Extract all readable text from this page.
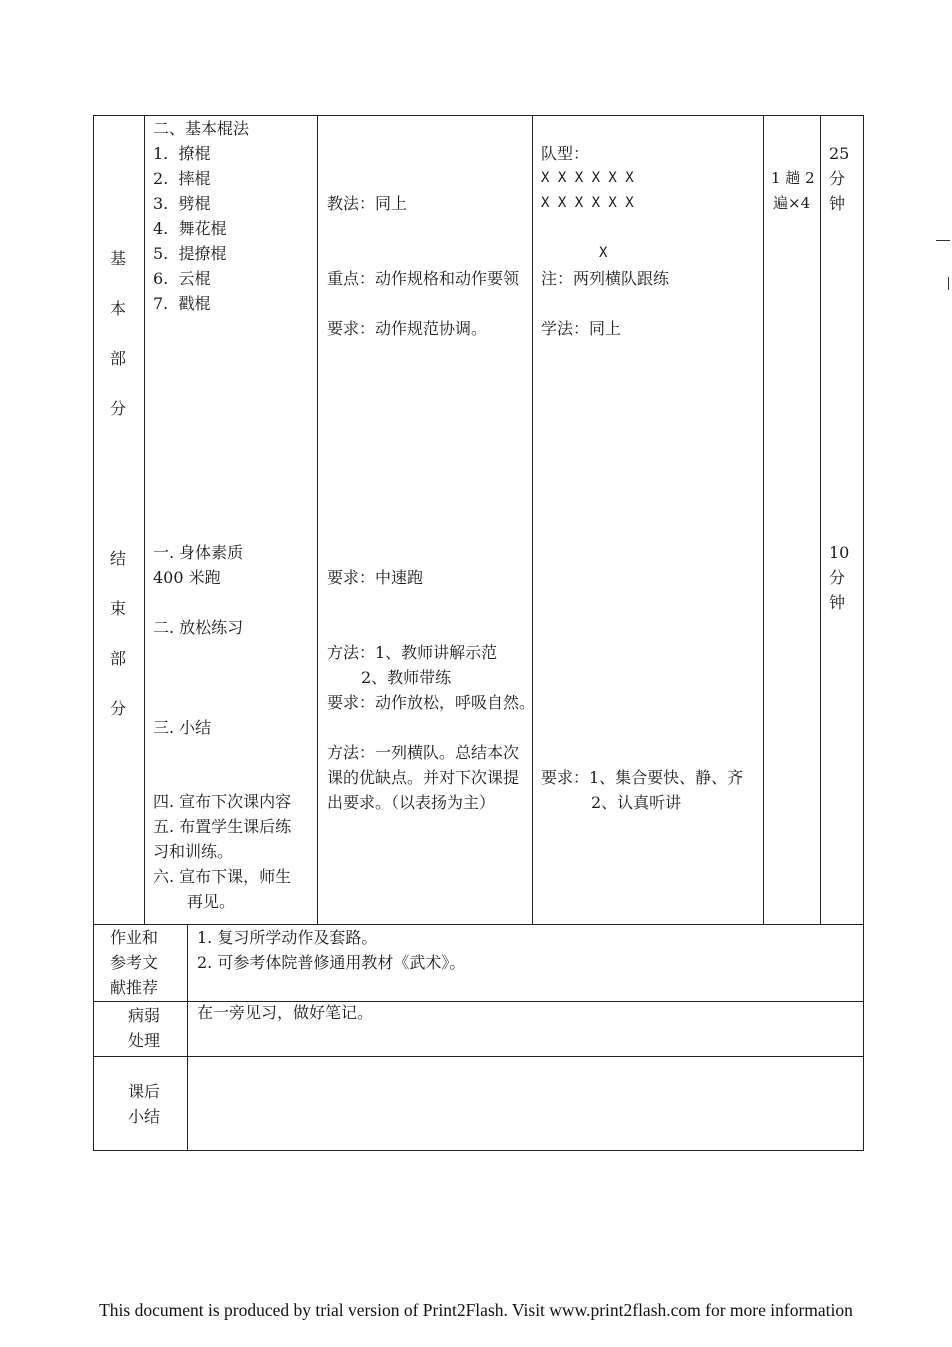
基
本
部
分
二、基本棍法
1.  撩棍
2.  摔棍
3.  劈棍
4.  舞花棍
5.  提撩棍
6.  云棍
7.  戳棍
教法：同上
重点：动作规格和动作要领
要求：动作规范协调。
队型：
X X X X X X
X X X X X X
X
注：两列横队跟练
学法：同上
1 趟 2
遍×4
25
分
钟
结
束
部
分
一. 身体素质
400 米跑
二. 放松练习
三. 小结
四. 宣布下次课内容
五. 布置学生课后练
习和训练。
六. 宣布下课，师生
再见。
要求：中速跑
方法：1、教师讲解示范
2、教师带练
要求：动作放松，呼吸自然。
方法：一列横队。总结本次
课的优缺点。并对下次课提
出要求。（以表扬为主）
要求：1、集合要快、静、齐
2、认真听讲
10
分
钟
作业和
参考文
献推荐
1. 复习所学动作及套路。
2. 可参考体院普修通用教材《武术》。
病弱
处理
在一旁见习，做好笔记。
课后
小结
This document is produced by trial version of Print2Flash. Visit www.print2flash.com for more information
